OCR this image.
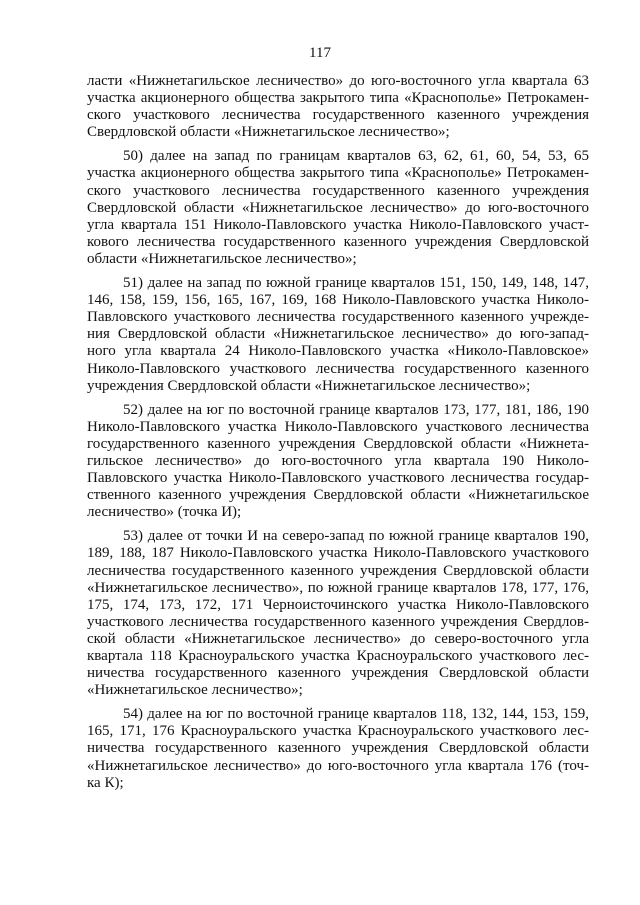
117
ласти «Нижнетагильское лесничество» до юго-восточного угла квартала 63
участка акционерного общества закрытого типа «Краснополье» Петрокамен-
ского участкового лесничества государственного казенного учреждения
Свердловской области «Нижнетагильское лесничество»;
50) далее на запад по границам кварталов 63, 62, 61, 60, 54, 53, 65
участка акционерного общества закрытого типа «Краснополье» Петрокамен-
ского участкового лесничества государственного казенного учреждения
Свердловской области «Нижнетагильское лесничество» до юго-восточного
угла квартала 151 Николо-Павловского участка Николо-Павловского участ-
кового лесничества государственного казенного учреждения Свердловской
области «Нижнетагильское лесничество»;
51) далее на запад по южной границе кварталов 151, 150, 149, 148, 147,
146, 158, 159, 156, 165, 167, 169, 168 Николо-Павловского участка Николо-
Павловского участкового лесничества государственного казенного учрежде-
ния Свердловской области «Нижнетагильское лесничество» до юго-запад-
ного угла квартала 24 Николо-Павловского участка «Николо-Павловское»
Николо-Павловского участкового лесничества государственного казенного
учреждения Свердловской области «Нижнетагильское лесничество»;
52) далее на юг по восточной границе кварталов 173, 177, 181, 186, 190
Николо-Павловского участка Николо-Павловского участкового лесничества
государственного казенного учреждения Свердловской области «Нижнета-
гильское лесничество» до юго-восточного угла квартала 190 Николо-
Павловского участка Николо-Павловского участкового лесничества государ-
ственного казенного учреждения Свердловской области «Нижнетагильское
лесничество» (точка И);
53) далее от точки И на северо-запад по южной границе кварталов 190,
189, 188, 187 Николо-Павловского участка Николо-Павловского участкового
лесничества государственного казенного учреждения Свердловской области
«Нижнетагильское лесничество», по южной границе кварталов 178, 177, 176,
175, 174, 173, 172, 171 Черноисточинского участка Николо-Павловского
участкового лесничества государственного казенного учреждения Свердлов-
ской области «Нижнетагильское лесничество» до северо-восточного угла
квартала 118 Красноуральского участка Красноуральского участкового лес-
ничества государственного казенного учреждения Свердловской области
«Нижнетагильское лесничество»;
54) далее на юг по восточной границе кварталов 118, 132, 144, 153, 159,
165, 171, 176 Красноуральского участка Красноуральского участкового лес-
ничества государственного казенного учреждения Свердловской области
«Нижнетагильское лесничество» до юго-восточного угла квартала 176 (точ-
ка К);
